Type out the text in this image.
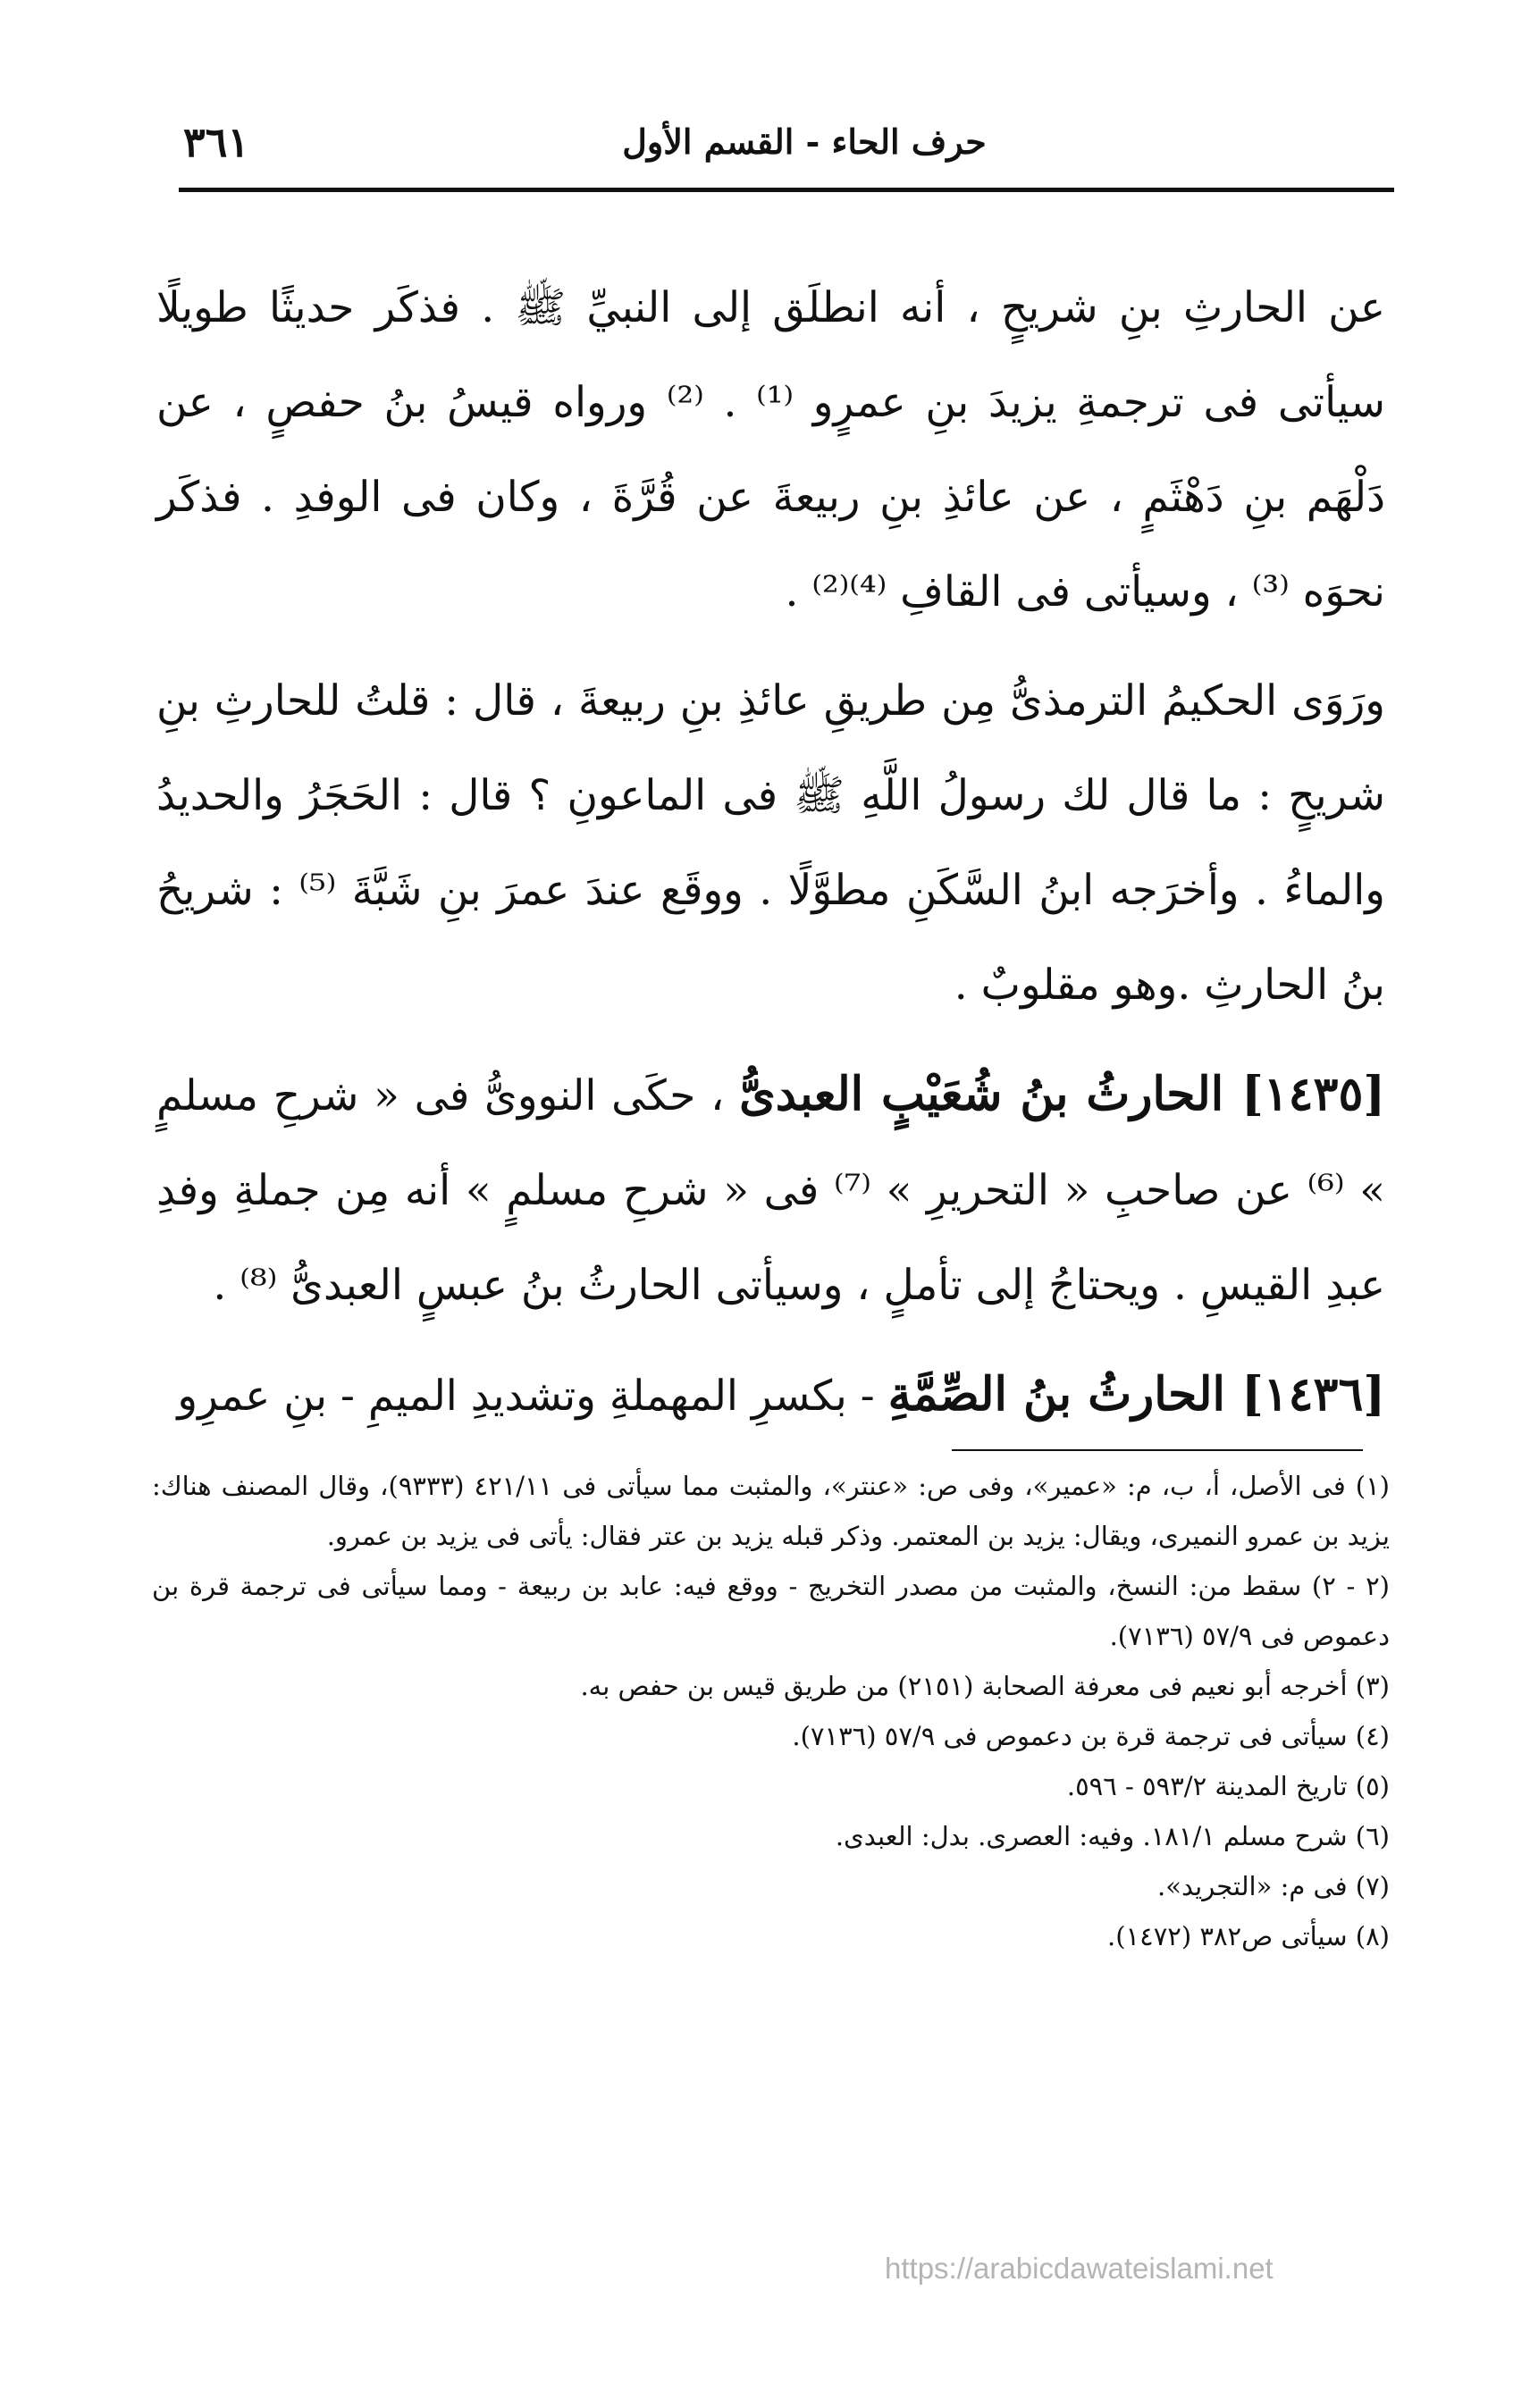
٣٦١	حرف الحاء - القسم الأول

عن الحارثِ بنِ شريحٍ ، أنه انطلَق إلى النبيِّ ﷺ . فذكَر حديثًا طويلًا سيأتى فى ترجمةِ يزيدَ بنِ عمرٍو ⁽¹⁾ . ⁽²⁾ ورواه قيسُ بنُ حفصٍ ، عن دَلْهَم بنِ دَهْثَمٍ ، عن عائذِ بنِ ربيعةَ عن قُرَّةَ ، وكان فى الوفدِ . فذكَر نحوَه ⁽³⁾ ، وسيأتى فى القافِ ⁽⁴⁾⁽²⁾ .

ورَوَى الحكيمُ الترمذىُّ مِن طريقِ عائذِ بنِ ربيعةَ ، قال : قلتُ للحارثِ بنِ شريحٍ : ما قال لك رسولُ اللَّهِ ﷺ فى الماعونِ ؟ قال : الحَجَرُ والحديدُ والماءُ . وأخرَجه ابنُ السَّكَنِ مطوَّلًا . ووقَع عندَ عمرَ بنِ شَبَّةَ ⁽⁵⁾ : شريحُ بنُ الحارثِ .وهو مقلوبٌ .

[١٤٣٥] الحارثُ بنُ شُعَيْبٍ العبدىُّ ، حكَى النووىُّ فى « شرحِ مسلمٍ » ⁽⁶⁾ عن صاحبِ « التحريرِ » ⁽⁷⁾ فى « شرحِ مسلمٍ » أنه مِن جملةِ وفدِ عبدِ القيسِ . ويحتاجُ إلى تأملٍ ، وسيأتى الحارثُ بنُ عبسٍ العبدىُّ ⁽⁸⁾ .

[١٤٣٦] الحارثُ بنُ الصِّمَّةِ - بكسرِ المهملةِ وتشديدِ الميمِ - بنِ عمرِو

(١) فى الأصل، أ، ب، م: «عمير»، وفى ص: «عنتر»، والمثبت مما سيأتى فى ٤٢١/١١ (٩٣٣٣)، وقال المصنف هناك: يزيد بن عمرو النميرى، ويقال: يزيد بن المعتمر. وذكر قبله يزيد بن عتر فقال: يأتى فى يزيد بن عمرو.

(٢ - ٢) سقط من: النسخ، والمثبت من مصدر التخريج - ووقع فيه: عابد بن ربيعة - ومما سيأتى فى ترجمة قرة بن دعموص فى ٥٧/٩ (٧١٣٦).

(٣) أخرجه أبو نعيم فى معرفة الصحابة (٢١٥١) من طريق قيس بن حفص به.

(٤) سيأتى فى ترجمة قرة بن دعموص فى ٥٧/٩ (٧١٣٦).

(٥) تاريخ المدينة ٥٩٣/٢ - ٥٩٦.

(٦) شرح مسلم ١٨١/١. وفيه: العصرى. بدل: العبدى.

(٧) فى م: «التجريد».

(٨) سيأتى ص٣٨٢ (١٤٧٢).

https://arabicdawateislami.net
